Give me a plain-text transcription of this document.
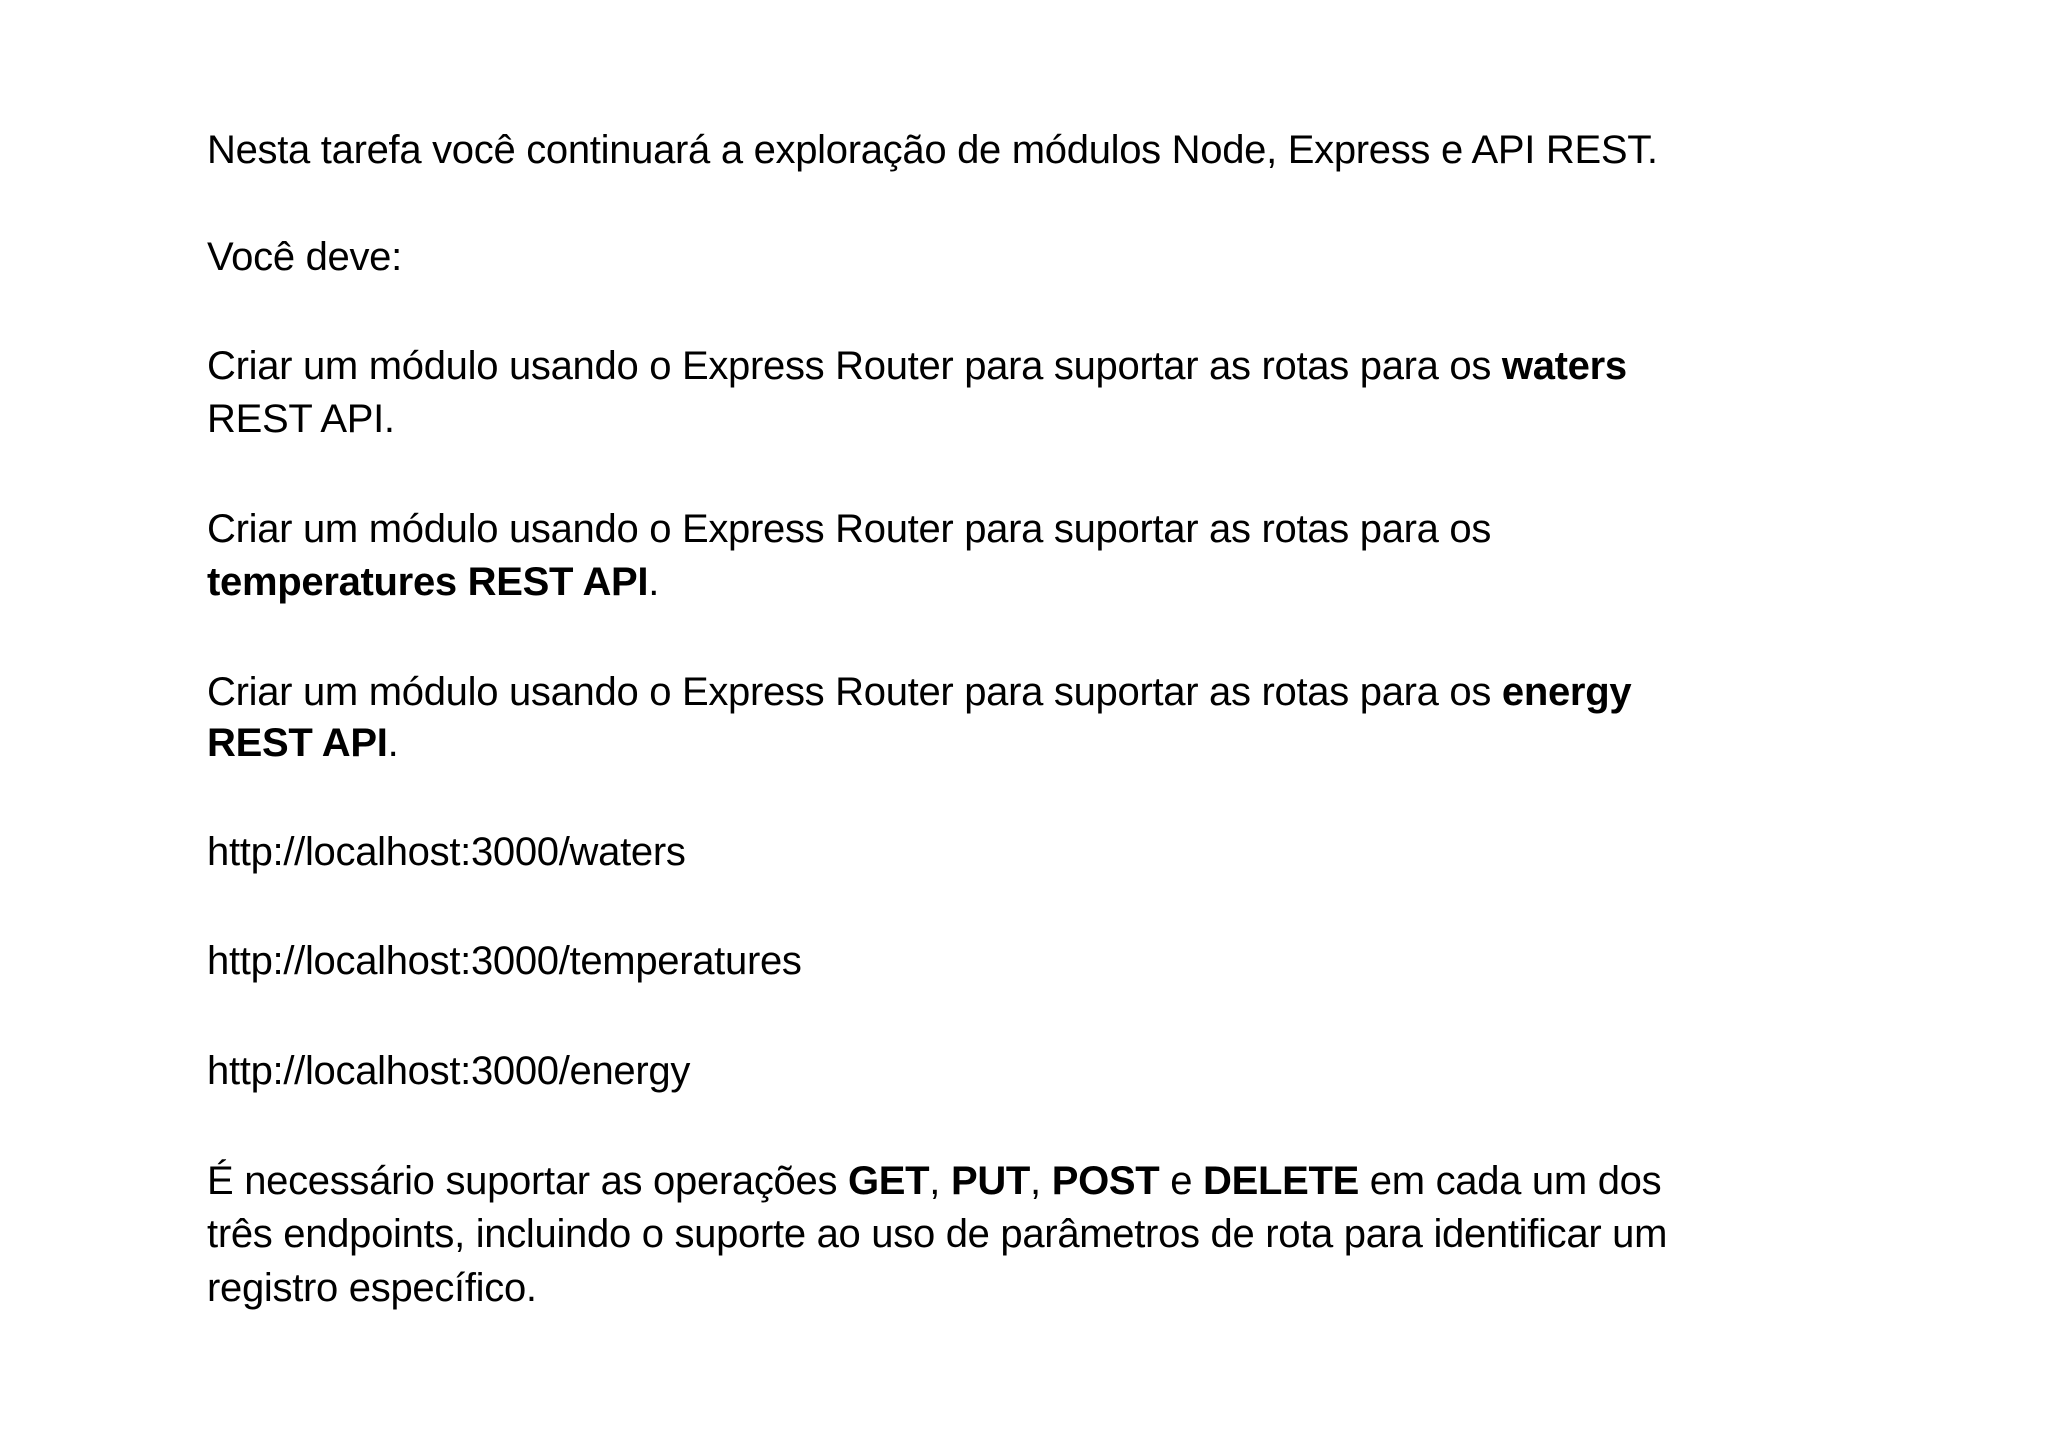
Nesta tarefa você continuará a exploração de módulos Node, Express e API REST.
Você deve:
Criar um módulo usando o Express Router para suportar as rotas para os waters
REST API.
Criar um módulo usando o Express Router para suportar as rotas para os
temperatures REST API.
Criar um módulo usando o Express Router para suportar as rotas para os energy
REST API.
http://localhost:3000/waters
http://localhost:3000/temperatures
http://localhost:3000/energy
É necessário suportar as operações GET, PUT, POST e DELETE em cada um dos
três endpoints, incluindo o suporte ao uso de parâmetros de rota para identificar um
registro específico.
